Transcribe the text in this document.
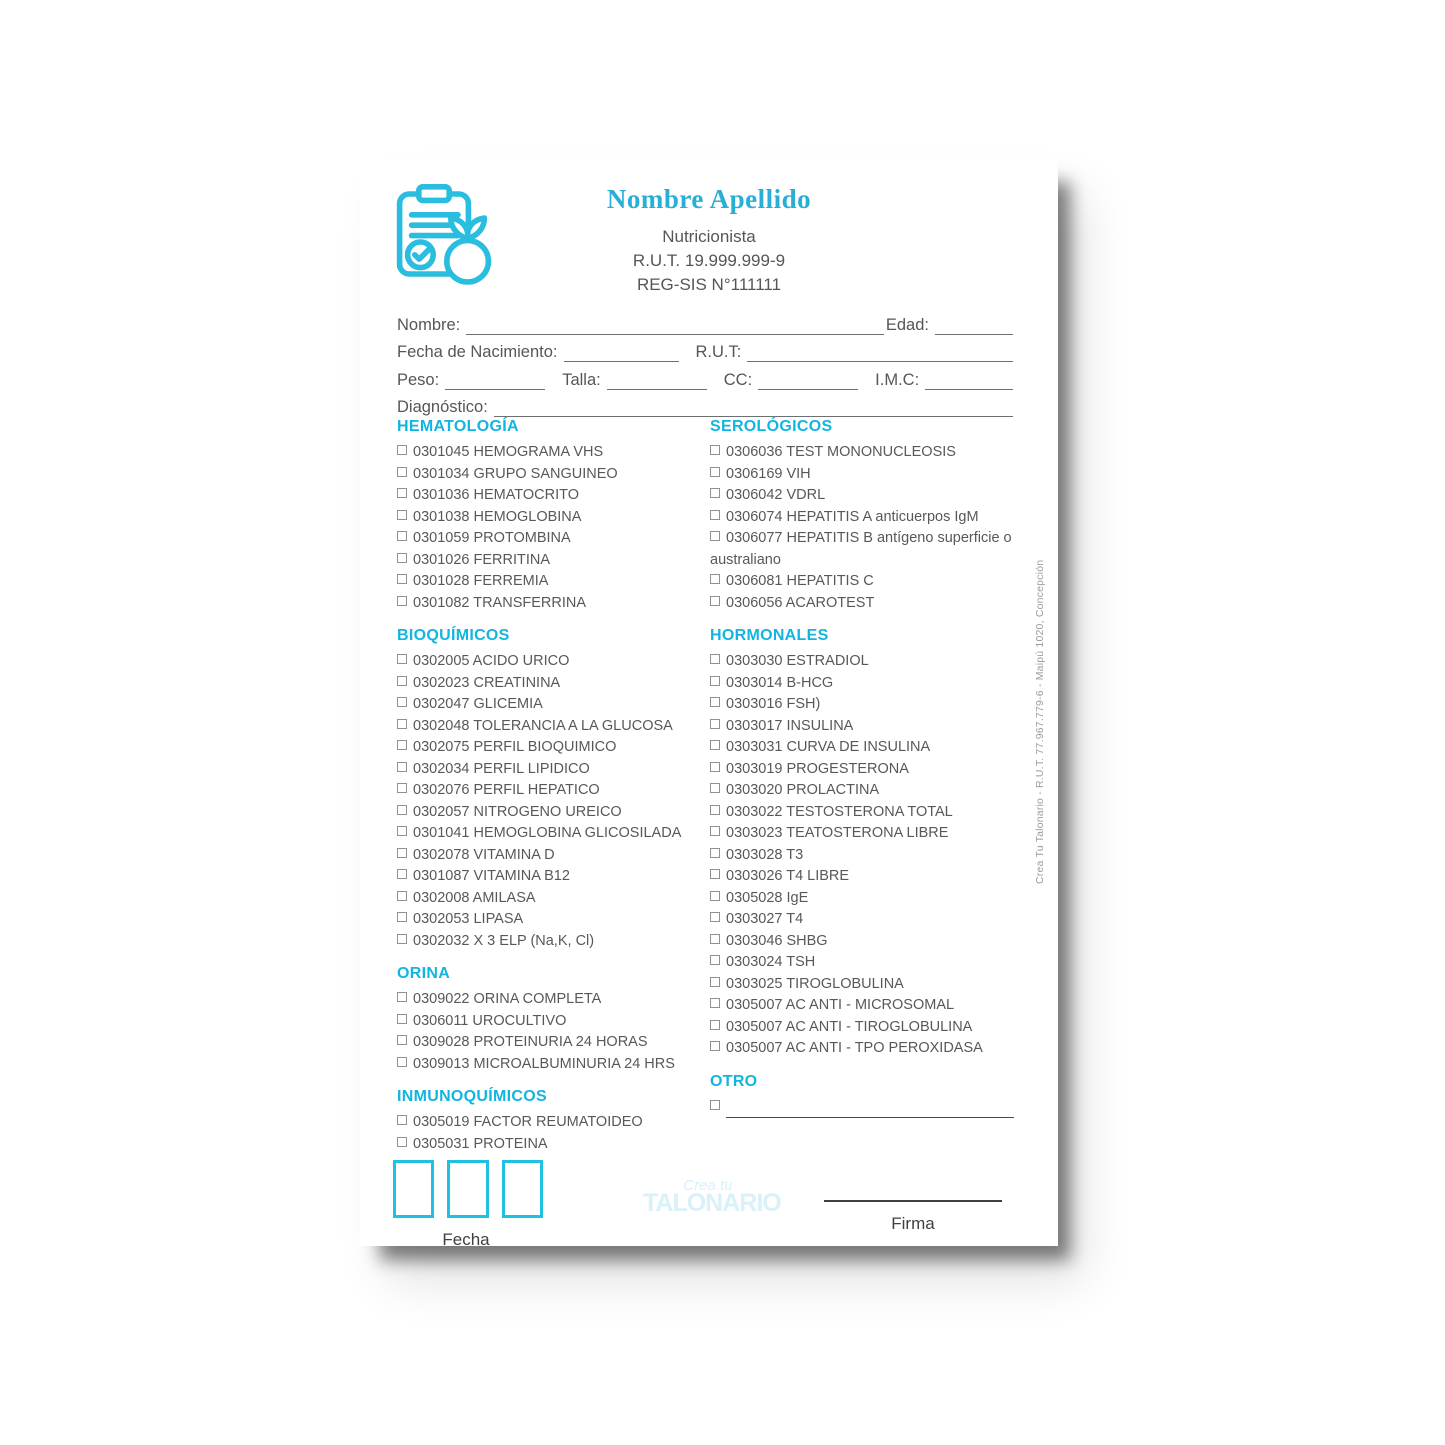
Nombre Apellido
Nutricionista
R.U.T. 19.999.999-9
REG-SIS N°111111
Nombre:	Edad:
Fecha de Nacimiento:	R.U.T:
Peso:	Talla:	CC:	I.M.C:
Diagnóstico:
HEMATOLOGÍA
0301045 HEMOGRAMA VHS
0301034 GRUPO SANGUINEO
0301036 HEMATOCRITO
0301038 HEMOGLOBINA
0301059 PROTOMBINA
0301026 FERRITINA
0301028 FERREMIA
0301082 TRANSFERRINA
BIOQUÍMICOS
0302005 ACIDO URICO
0302023 CREATININA
0302047 GLICEMIA
0302048 TOLERANCIA A LA GLUCOSA
0302075 PERFIL BIOQUIMICO
0302034 PERFIL LIPIDICO
0302076 PERFIL HEPATICO
0302057 NITROGENO UREICO
0301041 HEMOGLOBINA GLICOSILADA
0302078 VITAMINA D
0301087 VITAMINA B12
0302008 AMILASA
0302053 LIPASA
0302032 X 3 ELP (Na,K, Cl)
ORINA
0309022 ORINA COMPLETA
0306011 UROCULTIVO
0309028 PROTEINURIA 24 HORAS
0309013 MICROALBUMINURIA 24 HRS
INMUNOQUÍMICOS
0305019 FACTOR REUMATOIDEO
0305031 PROTEINA
SEROLÓGICOS
0306036 TEST MONONUCLEOSIS
0306169 VIH
0306042 VDRL
0306074 HEPATITIS A anticuerpos IgM
0306077 HEPATITIS B antígeno superficie o australiano
0306081 HEPATITIS C
0306056 ACAROTEST
HORMONALES
0303030 ESTRADIOL
0303014 B-HCG
0303016 FSH)
0303017 INSULINA
0303031 CURVA DE INSULINA
0303019 PROGESTERONA
0303020 PROLACTINA
0303022 TESTOSTERONA TOTAL
0303023 TEATOSTERONA LIBRE
0303028 T3
0303026 T4 LIBRE
0305028 IgE
0303027 T4
0303046 SHBG
0303024 TSH
0303025 TIROGLOBULINA
0305007 AC ANTI - MICROSOMAL
0305007 AC ANTI - TIROGLOBULINA
0305007 AC ANTI - TPO PEROXIDASA
OTRO
Fecha
Crea tu
TALONARIO
Firma
Crea Tu Talonario - R.U.T. 77.967.779-6 - Maipú 1020, Concepción
